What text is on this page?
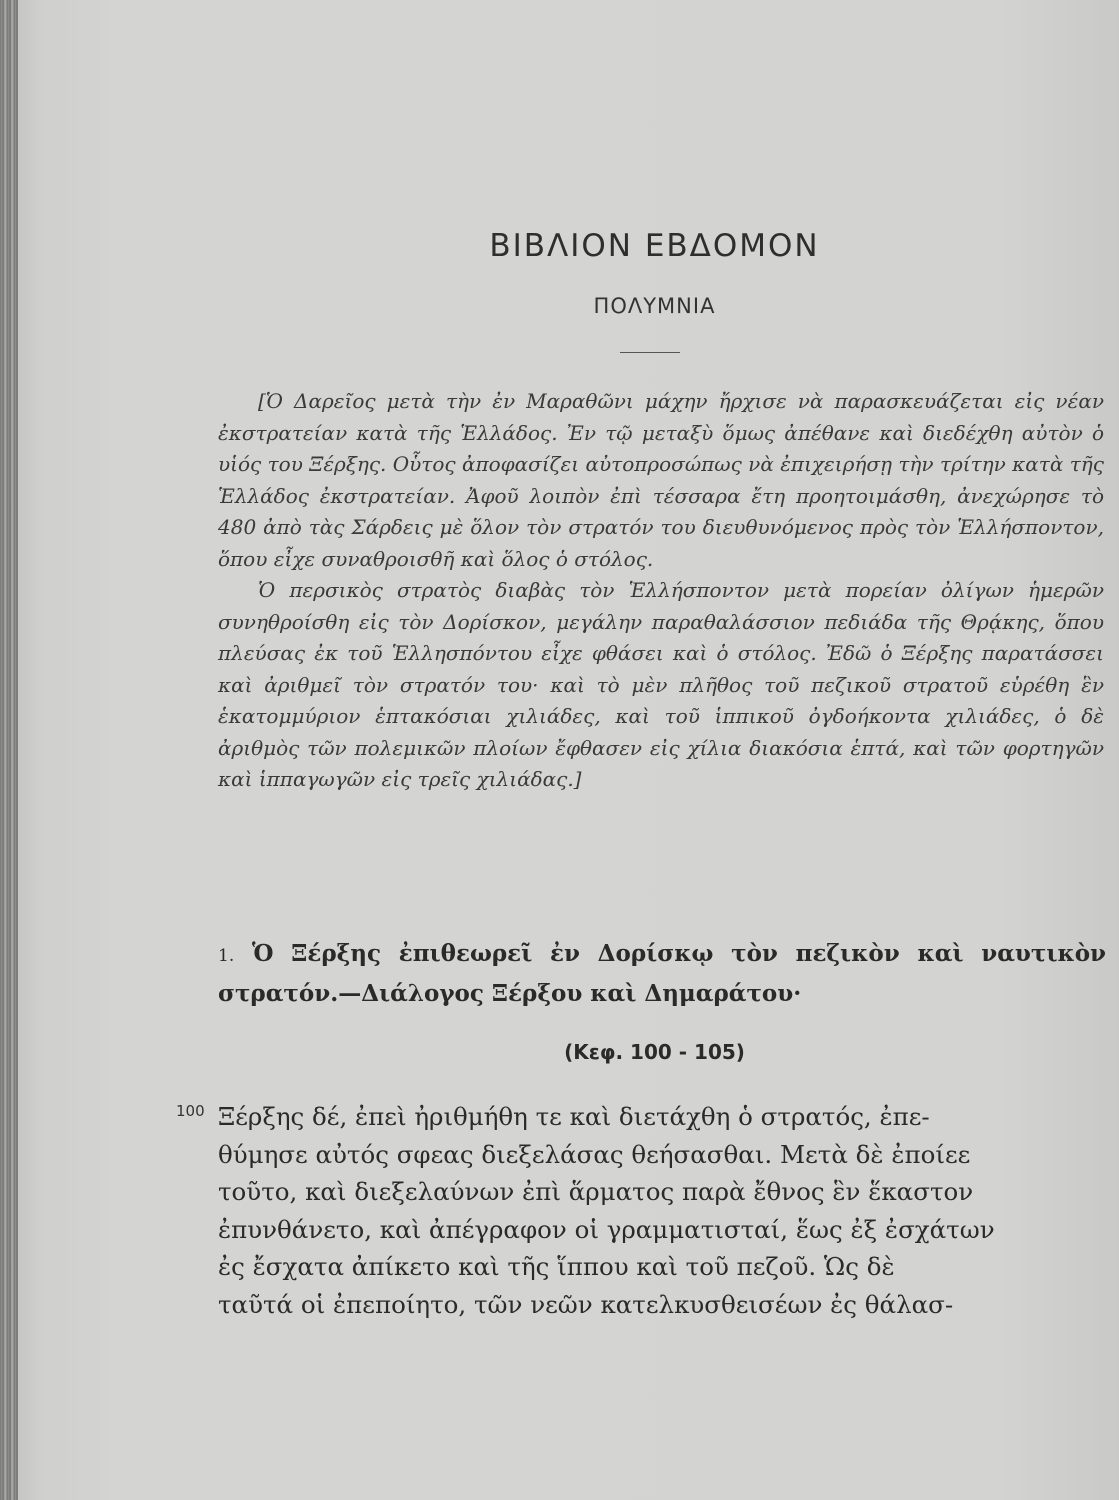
ΒΙΒΛΙΟΝ ΕΒΔΟΜΟΝ
ΠΟΛΥΜΝΙΑ

[Ὁ Δαρεῖος μετὰ τὴν ἐν Μαραθῶνι μάχην ἤρχισε νὰ παρασκευάζεται εἰς νέαν ἐκστρατείαν κατὰ τῆς Ἑλλάδος. Ἐν τῷ μεταξὺ ὅμως ἀπέθανε καὶ διεδέχθη αὐτὸν ὁ υἱός του Ξέρξης. Οὗτος ἀποφασίζει αὐτοπροσώπως νὰ ἐπιχειρήσῃ τὴν τρίτην κατὰ τῆς Ἑλλάδος ἐκστρατείαν. Ἀφοῦ λοιπὸν ἐπὶ τέσσαρα ἔτη προητοιμάσθη, ἀνεχώρησε τὸ 480 ἀπὸ τὰς Σάρδεις μὲ ὅλον τὸν στρατόν του διευθυνόμενος πρὸς τὸν Ἑλλήσποντον, ὅπου εἶχε συναθροισθῆ καὶ ὅλος ὁ στόλος.

Ὁ περσικὸς στρατὸς διαβὰς τὸν Ἑλλήσποντον μετὰ πορείαν ὀλίγων ἡμερῶν συνηθροίσθη εἰς τὸν Δορίσκον, μεγάλην παραθαλάσσιον πεδιάδα τῆς Θρᾴκης, ὅπου πλεύσας ἐκ τοῦ Ἑλλησπόντου εἶχε φθάσει καὶ ὁ στόλος. Ἐδῶ ὁ Ξέρξης παρατάσσει καὶ ἀριθμεῖ τὸν στρατόν του· καὶ τὸ μὲν πλῆθος τοῦ πεζικοῦ στρατοῦ εὑρέθη ἓν ἑκατομμύριον ἑπτακόσιαι χιλιάδες, καὶ τοῦ ἱππικοῦ ὀγδοήκοντα χιλιάδες, ὁ δὲ ἀριθμὸς τῶν πολεμικῶν πλοίων ἔφθασεν εἰς χίλια διακόσια ἑπτά, καὶ τῶν φορτηγῶν καὶ ἱππαγωγῶν εἰς τρεῖς χιλιάδας.]

1. Ὁ Ξέρξης ἐπιθεωρεῖ ἐν Δορίσκῳ τὸν πεζικὸν καὶ ναυτικὸν στρατόν.—Διάλογος Ξέρξου καὶ Δημαράτου·
(Κεφ. 100 - 105)
100 Ξέρξης δέ, ἐπεὶ ἠριθμήθη τε καὶ διετάχθη ὁ στρατός, ἐπε-
θύμησε αὐτός σφεας διεξελάσας θεήσασθαι. Μετὰ δὲ ἐποίεε
τοῦτο, καὶ διεξελαύνων ἐπὶ ἅρματος παρὰ ἔθνος ἓν ἕκαστον
ἐπυνθάνετο, καὶ ἀπέγραφον οἱ γραμματισταί, ἕως ἐξ ἐσχάτων
ἐς ἔσχατα ἀπίκετο καὶ τῆς ἵππου καὶ τοῦ πεζοῦ. Ὡς δὲ
ταῦτά οἱ ἐπεποίητο, τῶν νεῶν κατελκυσθεισέων ἐς θάλασ-
